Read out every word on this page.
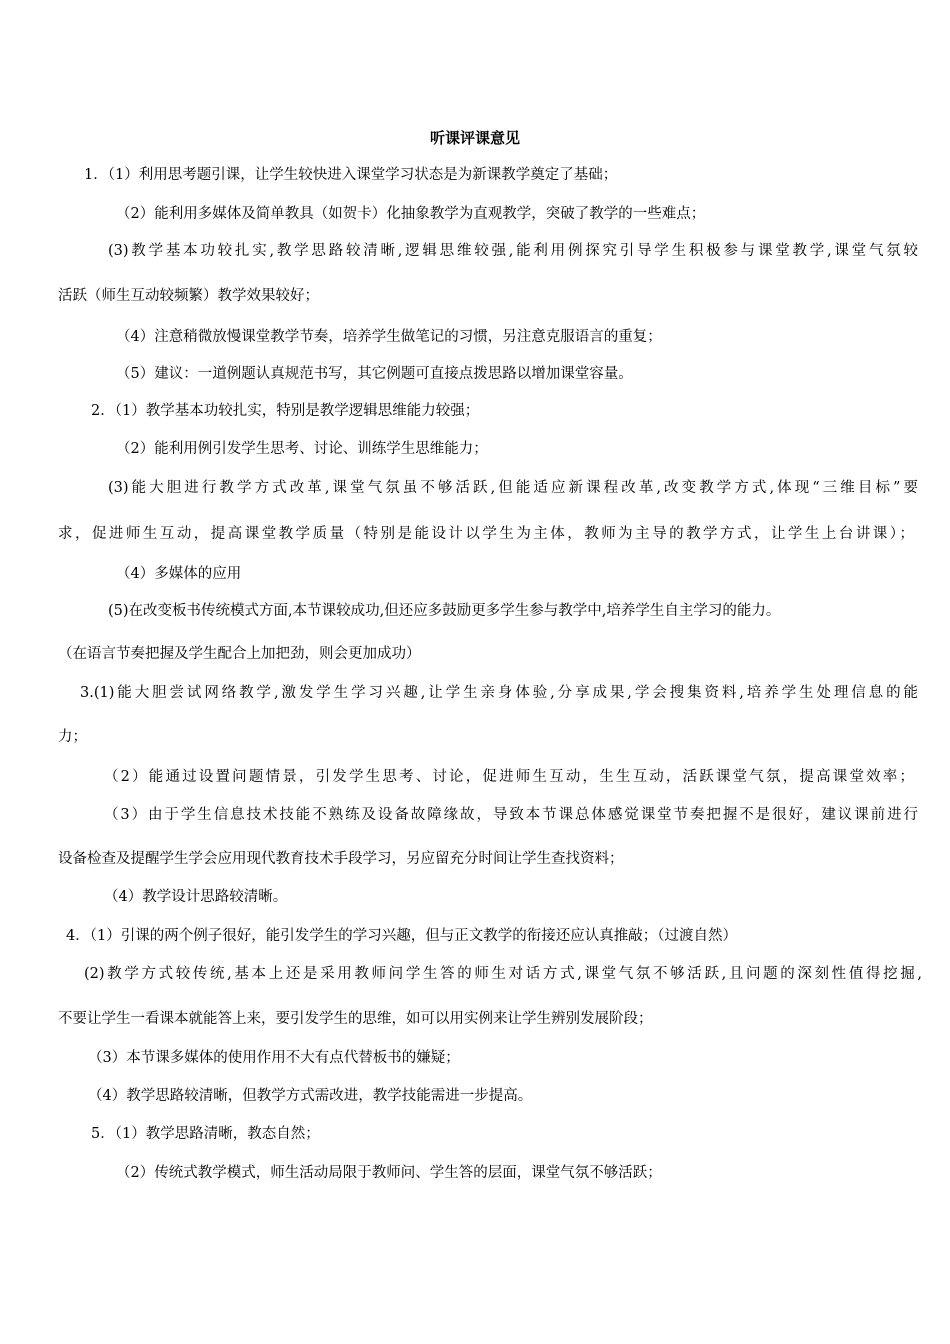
听课评课意见
1．（1）利用思考题引课，让学生较快进入课堂学习状态是为新课教学奠定了基础；
（2）能利用多媒体及简单教具（如贺卡）化抽象教学为直观教学，突破了教学的一些难点；
(3)教学基本功较扎实,教学思路较清晰,逻辑思维较强,能利用例探究引导学生积极参与课堂教学,课堂气氛较
活跃（师生互动较频繁）教学效果较好；
（4）注意稍微放慢课堂教学节奏，培养学生做笔记的习惯，另注意克服语言的重复；
（5）建议：一道例题认真规范书写，其它例题可直接点拨思路以增加课堂容量。
2．（1）教学基本功较扎实，特别是教学逻辑思维能力较强；
（2）能利用例引发学生思考、讨论、训练学生思维能力；
(3)能大胆进行教学方式改革,课堂气氛虽不够活跃,但能适应新课程改革,改变教学方式,体现“三维目标”要
求，促进师生互动，提高课堂教学质量（特别是能设计以学生为主体，教师为主导的教学方式，让学生上台讲课）；
（4）多媒体的应用
(5)在改变板书传统模式方面,本节课较成功,但还应多鼓励更多学生参与教学中,培养学生自主学习的能力。
（在语言节奏把握及学生配合上加把劲，则会更加成功）
3.(1)能大胆尝试网络教学,激发学生学习兴趣,让学生亲身体验,分享成果,学会搜集资料,培养学生处理信息的能
力；
（2）能通过设置问题情景，引发学生思考、讨论，促进师生互动，生生互动，活跃课堂气氛，提高课堂效率；
（3）由于学生信息技术技能不熟练及设备故障缘故，导致本节课总体感觉课堂节奏把握不是很好，建议课前进行
设备检查及提醒学生学会应用现代教育技术手段学习，另应留充分时间让学生查找资料；
（4）教学设计思路较清晰。
4．（1）引课的两个例子很好，能引发学生的学习兴趣，但与正文教学的衔接还应认真推敲；（过渡自然）
(2)教学方式较传统,基本上还是采用教师问学生答的师生对话方式,课堂气氛不够活跃,且问题的深刻性值得挖掘,
不要让学生一看课本就能答上来，要引发学生的思维，如可以用实例来让学生辨别发展阶段；
（3）本节课多媒体的使用作用不大有点代替板书的嫌疑；
（4）教学思路较清晰，但教学方式需改进，教学技能需进一步提高。
5．（1）教学思路清晰，教态自然；
（2）传统式教学模式，师生活动局限于教师问、学生答的层面，课堂气氛不够活跃；
